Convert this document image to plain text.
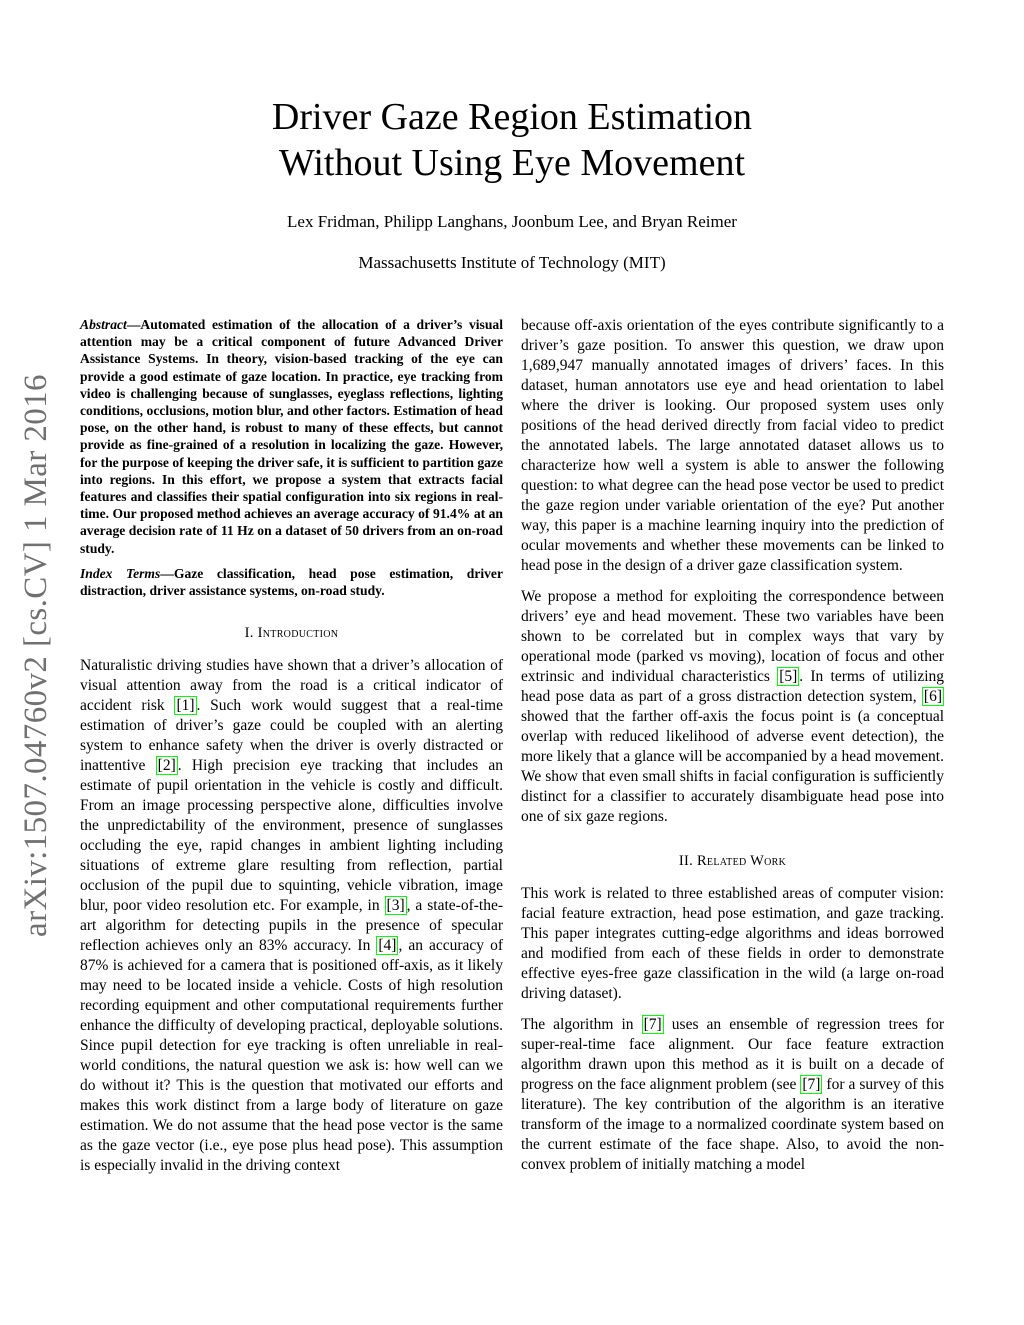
arXiv:1507.04760v2 [cs.CV] 1 Mar 2016
Driver Gaze Region Estimation
Without Using Eye Movement
Lex Fridman, Philipp Langhans, Joonbum Lee, and Bryan Reimer
Massachusetts Institute of Technology (MIT)

Abstract—Automated estimation of the allocation of a driver’s visual attention may be a critical component of future Advanced Driver Assistance Systems. In theory, vision-based tracking of the eye can provide a good estimate of gaze location. In practice, eye tracking from video is challenging because of sunglasses, eyeglass reflections, lighting conditions, occlusions, motion blur, and other factors. Estimation of head pose, on the other hand, is robust to many of these effects, but cannot provide as fine-grained of a resolution in localizing the gaze. However, for the purpose of keeping the driver safe, it is sufficient to partition gaze into regions. In this effort, we propose a system that extracts facial features and classifies their spatial configuration into six regions in real-time. Our proposed method achieves an average accuracy of 91.4% at an average decision rate of 11 Hz on a dataset of 50 drivers from an on-road study.

Index Terms—Gaze classification, head pose estimation, driver distraction, driver assistance systems, on-road study.

I. Introduction

Naturalistic driving studies have shown that a driver’s allocation of visual attention away from the road is a critical indicator of accident risk [1] . Such work would suggest that a real-time estimation of driver’s gaze could be coupled with an alerting system to enhance safety when the driver is overly distracted or inattentive [2] . High precision eye tracking that includes an estimate of pupil orientation in the vehicle is costly and difficult. From an image processing perspective alone, difficulties involve the unpredictability of the environment, presence of sunglasses occluding the eye, rapid changes in ambient lighting including situations of extreme glare resulting from reflection, partial occlusion of the pupil due to squinting, vehicle vibration, image blur, poor video resolution etc. For example, in [3] , a state-of-the-art algorithm for detecting pupils in the presence of specular reflection achieves only an 83% accuracy. In [4] , an accuracy of 87% is achieved for a camera that is positioned off-axis, as it likely may need to be located inside a vehicle. Costs of high resolution recording equipment and other computational requirements further enhance the difficulty of developing practical, deployable solutions. Since pupil detection for eye tracking is often unreliable in real-world conditions, the natural question we ask is: how well can we do without it? This is the question that motivated our efforts and makes this work distinct from a large body of literature on gaze estimation. We do not assume that the head pose vector is the same as the gaze vector (i.e., eye pose plus head pose). This assumption is especially invalid in the driving context

because off-axis orientation of the eyes contribute significantly to a driver’s gaze position. To answer this question, we draw upon 1,689,947 manually annotated images of drivers’ faces. In this dataset, human annotators use eye and head orientation to label where the driver is looking. Our proposed system uses only positions of the head derived directly from facial video to predict the annotated labels. The large annotated dataset allows us to characterize how well a system is able to answer the following question: to what degree can the head pose vector be used to predict the gaze region under variable orientation of the eye? Put another way, this paper is a machine learning inquiry into the prediction of ocular movements and whether these movements can be linked to head pose in the design of a driver gaze classification system.

We propose a method for exploiting the correspondence between drivers’ eye and head movement. These two variables have been shown to be correlated but in complex ways that vary by operational mode (parked vs moving), location of focus and other extrinsic and individual characteristics [5] . In terms of utilizing head pose data as part of a gross distraction detection system, [6] showed that the farther off-axis the focus point is (a conceptual overlap with reduced likelihood of adverse event detection), the more likely that a glance will be accompanied by a head movement. We show that even small shifts in facial configuration is sufficiently distinct for a classifier to accurately disambiguate head pose into one of six gaze regions.

II. Related Work

This work is related to three established areas of computer vision: facial feature extraction, head pose estimation, and gaze tracking. This paper integrates cutting-edge algorithms and ideas borrowed and modified from each of these fields in order to demonstrate effective eyes-free gaze classification in the wild (a large on-road driving dataset).

The algorithm in [7] uses an ensemble of regression trees for super-real-time face alignment. Our face feature extraction algorithm drawn upon this method as it is built on a decade of progress on the face alignment problem (see [7] for a survey of this literature). The key contribution of the algorithm is an iterative transform of the image to a normalized coordinate system based on the current estimate of the face shape. Also, to avoid the non-convex problem of initially matching a model
